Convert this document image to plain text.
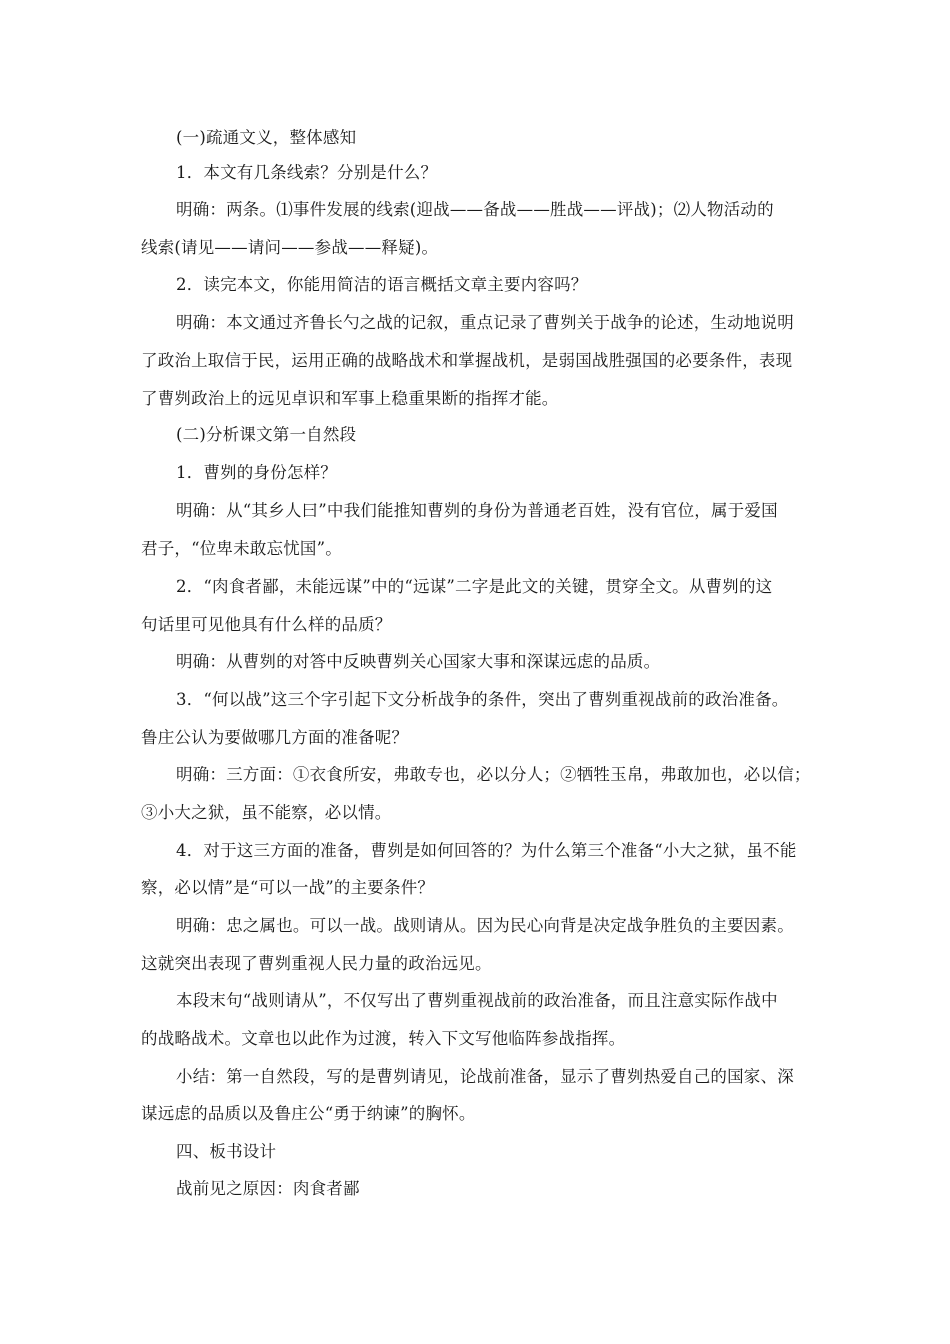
(一)疏通文义，整体感知
1．本文有几条线索？分别是什么？
明确：两条。⑴事件发展的线索(迎战——备战——胜战——评战)；⑵人物活动的
线索(请见——请问——参战——释疑)。
2．读完本文，你能用简洁的语言概括文章主要内容吗？
明确：本文通过齐鲁长勺之战的记叙，重点记录了曹刿关于战争的论述，生动地说明
了政治上取信于民，运用正确的战略战术和掌握战机，是弱国战胜强国的必要条件，表现
了曹刿政治上的远见卓识和军事上稳重果断的指挥才能。
(二)分析课文第一自然段
1．曹刿的身份怎样？
明确：从“其乡人曰”中我们能推知曹刿的身份为普通老百姓，没有官位，属于爱国
君子，“位卑未敢忘忧国”。
2．“肉食者鄙，未能远谋”中的“远谋”二字是此文的关键，贯穿全文。从曹刿的这
句话里可见他具有什么样的品质？
明确：从曹刿的对答中反映曹刿关心国家大事和深谋远虑的品质。
3．“何以战”这三个字引起下文分析战争的条件，突出了曹刿重视战前的政治准备。
鲁庄公认为要做哪几方面的准备呢？
明确：三方面：①衣食所安，弗敢专也，必以分人；②牺牲玉帛，弗敢加也，必以信；
③小大之狱，虽不能察，必以情。
4．对于这三方面的准备，曹刿是如何回答的？为什么第三个准备“小大之狱，虽不能
察，必以情”是“可以一战”的主要条件？
明确：忠之属也。可以一战。战则请从。因为民心向背是决定战争胜负的主要因素。
这就突出表现了曹刿重视人民力量的政治远见。
本段末句“战则请从”，不仅写出了曹刿重视战前的政治准备，而且注意实际作战中
的战略战术。文章也以此作为过渡，转入下文写他临阵参战指挥。
小结：第一自然段，写的是曹刿请见，论战前准备，显示了曹刿热爱自己的国家、深
谋远虑的品质以及鲁庄公“勇于纳谏”的胸怀。
四、板书设计
战前见之原因：肉食者鄙
